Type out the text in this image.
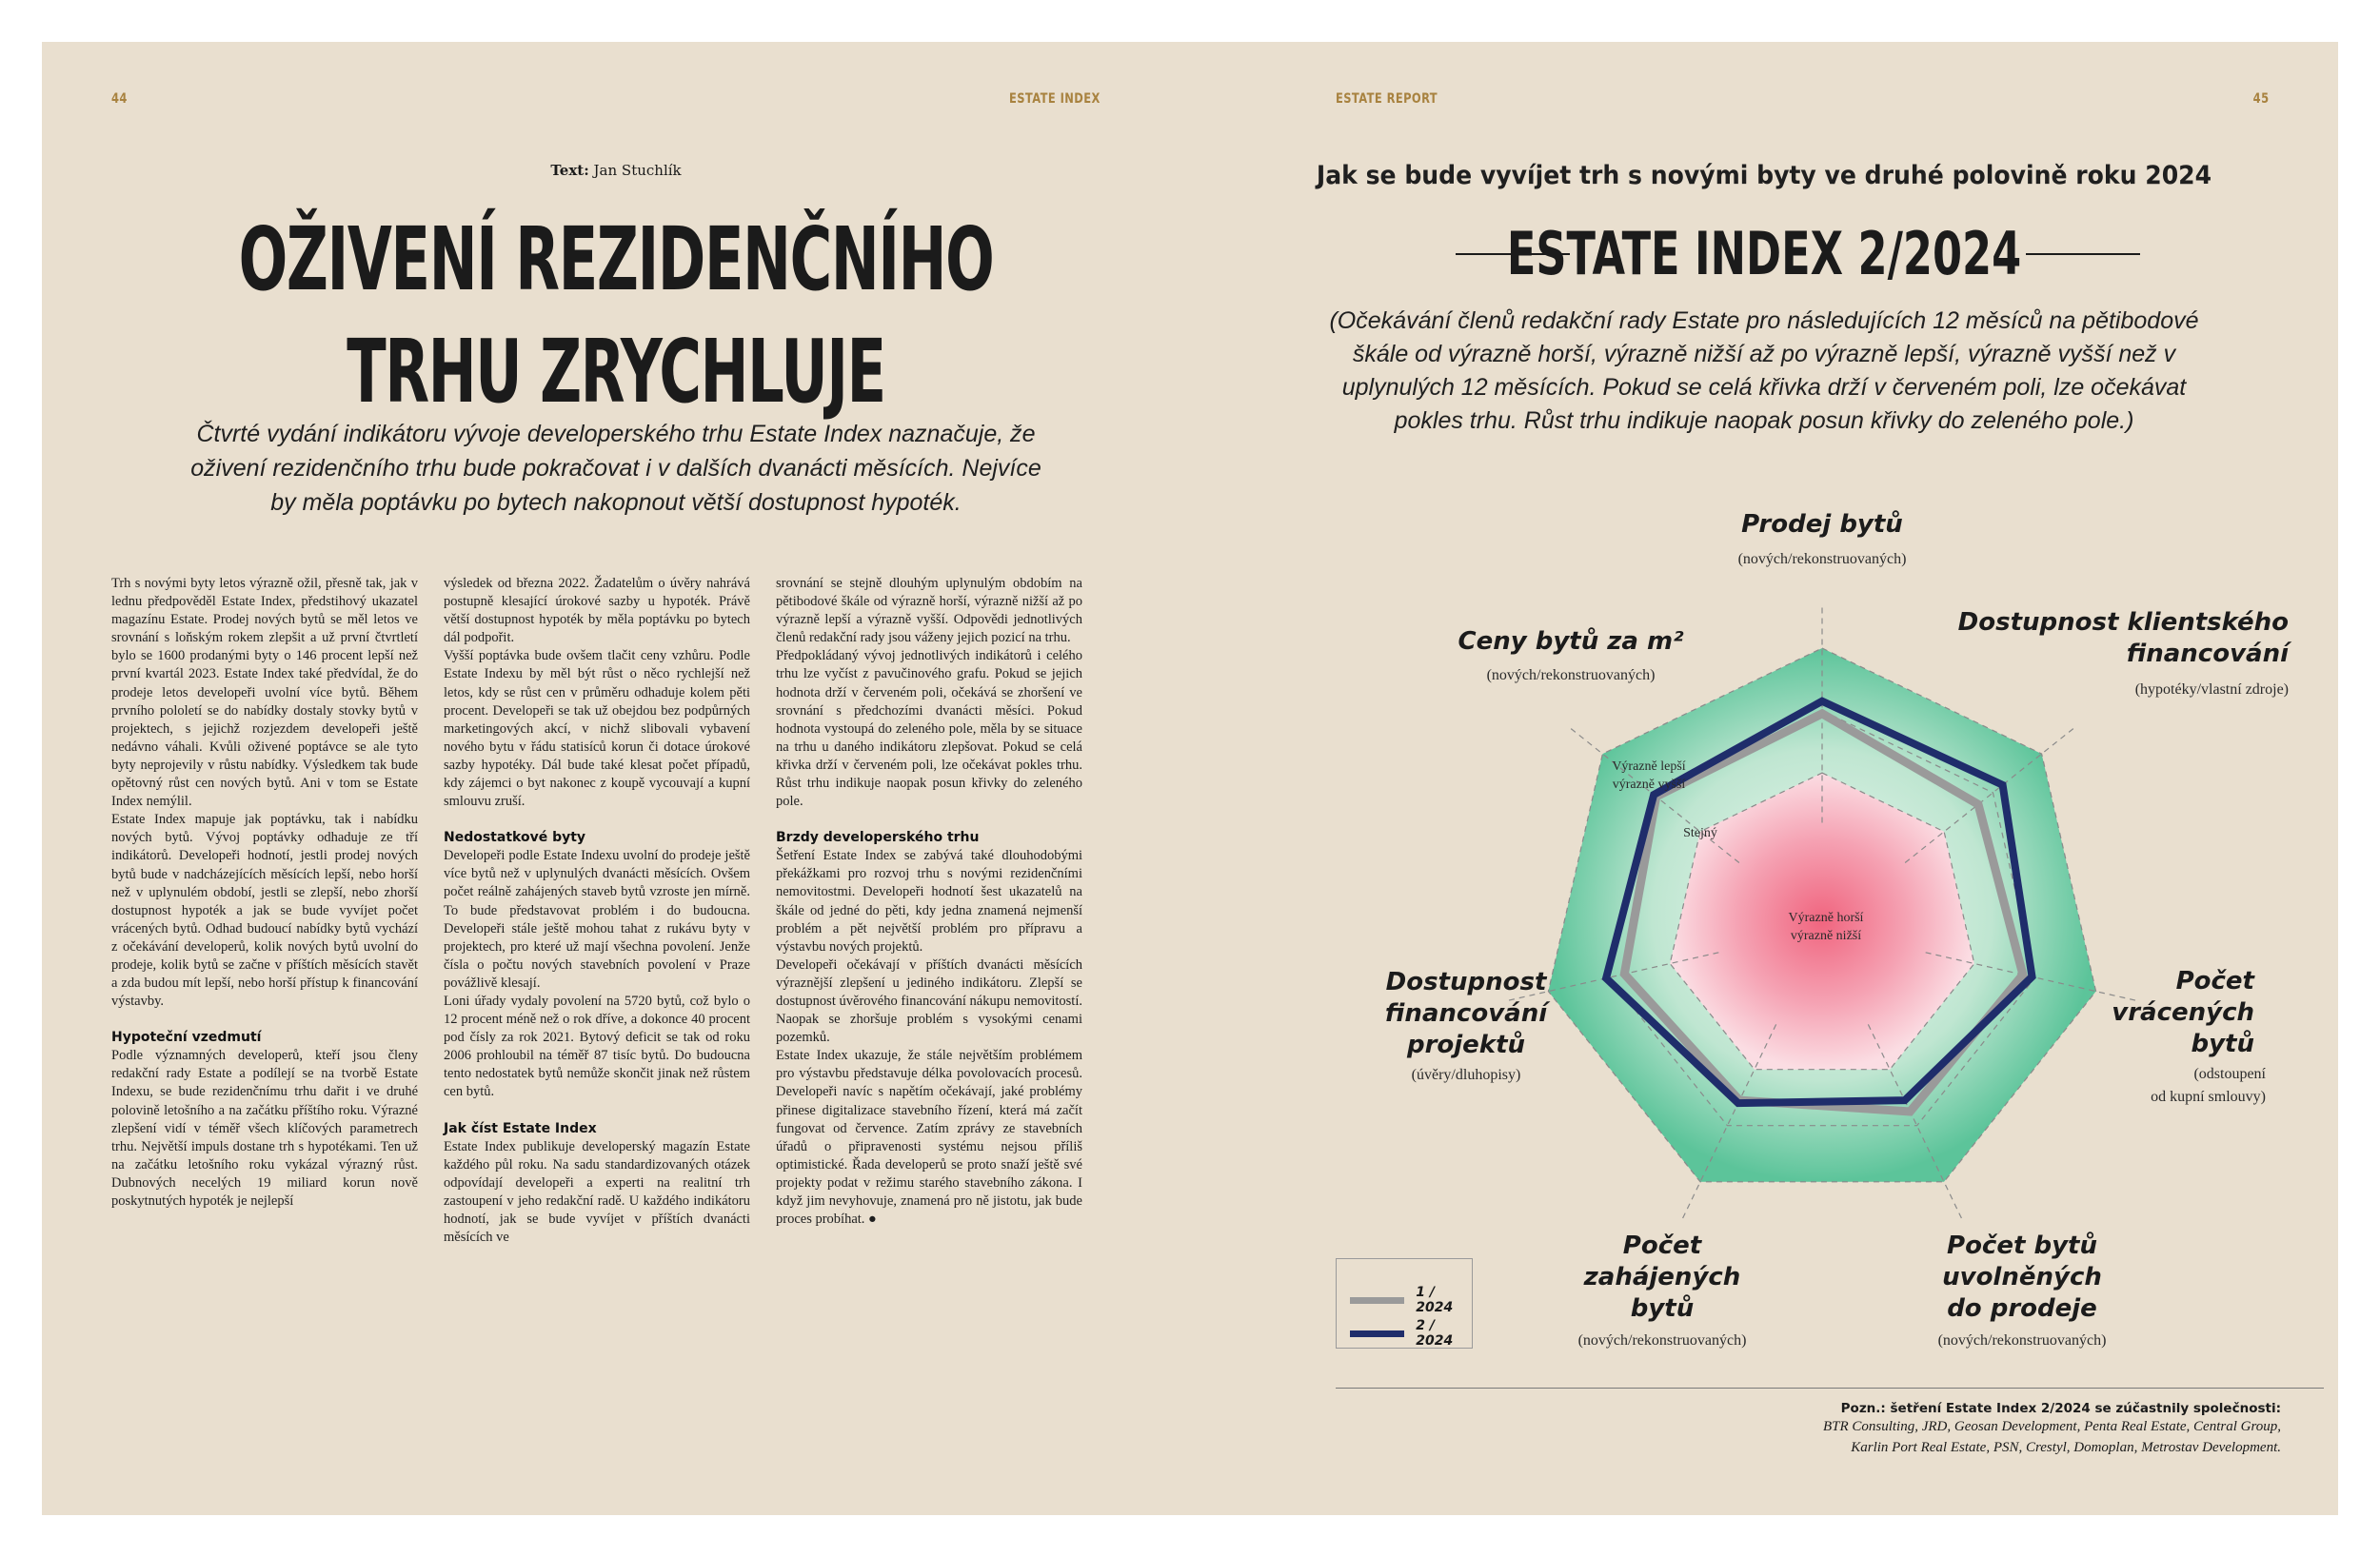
44	ESTATE INDEX
Text: Jan Stuchlík
OŽIVENÍ REZIDENČNÍHO
TRHU ZRYCHLUJE
Čtvrté vydání indikátoru vývoje developerského trhu Estate Index naznačuje, že oživení rezidenčního trhu bude pokračovat i v dalších dvanácti měsících. Nejvíce by měla poptávku po bytech nakopnout větší dostupnost hypoték.

Trh s novými byty letos výrazně ožil, přesně tak, jak v lednu předpověděl Estate Index, předstihový ukazatel magazínu Estate. Prodej nových bytů se měl letos ve srovnání s loňským rokem zlepšit a už první čtvrtletí bylo se 1600 prodanými byty o 146 procent lepší než první kvartál 2023. Estate Index také předvídal, že do prodeje letos developeři uvolní více bytů. Během prvního pololetí se do nabídky dostaly stovky bytů v projektech, s jejichž rozjezdem developeři ještě nedávno váhali. Kvůli oživené poptávce se ale tyto byty neprojevily v růstu nabídky. Výsledkem tak bude opětovný růst cen nových bytů. Ani v tom se Estate Index nemýlil.

Estate Index mapuje jak poptávku, tak i nabídku nových bytů. Vývoj poptávky odhaduje ze tří indikátorů. Developeři hodnotí, jestli prodej nových bytů bude v nadcházejících měsících lepší, nebo horší než v uplynulém období, jestli se zlepší, nebo zhorší dostupnost hypoték a jak se bude vyvíjet počet vrácených bytů. Odhad budoucí nabídky bytů vychází z očekávání developerů, kolik nových bytů uvolní do prodeje, kolik bytů se začne v příštích měsících stavět a zda budou mít lepší, nebo horší přístup k financování výstavby.

Hypoteční vzedmutí

Podle významných developerů, kteří jsou členy redakční rady Estate a podílejí se na tvorbě Estate Indexu, se bude rezidenčnímu trhu dařit i ve druhé polovině letošního a na začátku příštího roku. Výrazné zlepšení vidí v téměř všech klíčových parametrech trhu. Největší impuls dostane trh s hypotékami. Ten už na začátku letošního roku vykázal výrazný růst. Dubnových necelých 19 miliard korun nově poskytnutých hypoték je nejlepší

výsledek od března 2022. Žadatelům o úvěry nahrává postupně klesající úrokové sazby u hypoték. Právě větší dostupnost hypoték by měla poptávku po bytech dál podpořit.

Vyšší poptávka bude ovšem tlačit ceny vzhůru. Podle Estate Indexu by měl být růst o něco rychlejší než letos, kdy se růst cen v průměru odhaduje kolem pěti procent. Developeři se tak už obejdou bez podpůrných marketingových akcí, v nichž slibovali vybavení nového bytu v řádu statisíců korun či dotace úrokové sazby hypotéky. Dál bude také klesat počet případů, kdy zájemci o byt nakonec z koupě vycouvají a kupní smlouvu zruší.

Nedostatkové byty

Developeři podle Estate Indexu uvolní do prodeje ještě více bytů než v uplynulých dvanácti měsících. Ovšem počet reálně zahájených staveb bytů vzroste jen mírně. To bude představovat problém i do budoucna. Developeři stále ještě mohou tahat z rukávu byty v projektech, pro které už mají všechna povolení. Jenže čísla o počtu nových stavebních povolení v Praze povážlivě klesají.

Loni úřady vydaly povolení na 5720 bytů, což bylo o 12 procent méně než o rok dříve, a dokonce 40 procent pod čísly za rok 2021. Bytový deficit se tak od roku 2006 prohloubil na téměř 87 tisíc bytů. Do budoucna tento nedostatek bytů nemůže skončit jinak než růstem cen bytů.

Jak číst Estate Index

Estate Index publikuje developerský magazín Estate každého půl roku. Na sadu standardizovaných otázek odpovídají developeři a experti na realitní trh zastoupení v jeho redakční radě. U každého indikátoru hodnotí, jak se bude vyvíjet v příštích dvanácti měsících ve

srovnání se stejně dlouhým uplynulým obdobím na pětibodové škále od výrazně horší, výrazně nižší až po výrazně lepší a výrazně vyšší. Odpovědi jednotlivých členů redakční rady jsou váženy jejich pozicí na trhu.

Předpokládaný vývoj jednotlivých indikátorů i celého trhu lze vyčíst z pavučinového grafu. Pokud se jejich hodnota drží v červeném poli, očekává se zhoršení ve srovnání s předchozími dvanácti měsíci. Pokud hodnota vystoupá do zeleného pole, měla by se situace na trhu u daného indikátoru zlepšovat. Pokud se celá křivka drží v červeném poli, lze očekávat pokles trhu. Růst trhu indikuje naopak posun křivky do zeleného pole.

Brzdy developerského trhu

Šetření Estate Index se zabývá také dlouhodobými překážkami pro rozvoj trhu s novými rezidenčními nemovitostmi. Developeři hodnotí šest ukazatelů na škále od jedné do pěti, kdy jedna znamená nejmenší problém a pět největší problém pro přípravu a výstavbu nových projektů.

Developeři očekávají v příštích dvanácti měsících výraznější zlepšení u jediného indikátoru. Zlepší se dostupnost úvěrového financování nákupu nemovitostí. Naopak se zhoršuje problém s vysokými cenami pozemků.

Estate Index ukazuje, že stále největším problémem pro výstavbu představuje délka povolovacích procesů. Developeři navíc s napětím očekávají, jaké problémy přinese digitalizace stavebního řízení, která má začít fungovat od července. Zatím zprávy ze stavebních úřadů o připravenosti systému nejsou příliš optimistické. Řada developerů se proto snaží ještě své projekty podat v režimu starého stavebního zákona. I když jim nevyhovuje, znamená pro ně jistotu, jak bude proces probíhat. ●

ESTATE REPORT	45
Jak se bude vyvíjet trh s novými byty ve druhé polovině roku 2024
ESTATE INDEX 2/2024
(Očekávání členů redakční rady Estate pro následujících 12 měsíců na pětibodové škále od výrazně horší, výrazně nižší až po výrazně lepší, výrazně vyšší než v uplynulých 12 měsících. Pokud se celá křivka drží v červeném poli, lze očekávat pokles trhu. Růst trhu indikuje naopak posun křivky do zeleného pole.)
Výrazně horší
výrazně nižší
Stejný
Výrazně lepší
výrazně vyšší
Prodej bytů
(nových/rekonstruovaných)
Dostupnost klientského
financování
(hypotéky/vlastní zdroje)
Počet
vrácených
bytů
(odstoupení
od kupní smlouvy)
Počet bytů
uvolněných
do prodeje
(nových/rekonstruovaných)
Počet
zahájených
bytů
(nových/rekonstruovaných)
Dostupnost
financování
projektů
(úvěry/dluhopisy)
Ceny bytů za m²
(nových/rekonstruovaných)
Pozn.: šetření Estate Index 2/2024 se zúčastnily společnosti:
BTR Consulting, JRD, Geosan Development, Penta Real Estate, Central Group,
Karlin Port Real Estate, PSN, Crestyl, Domoplan, Metrostav Development.
1 / 2024
2 / 2024
